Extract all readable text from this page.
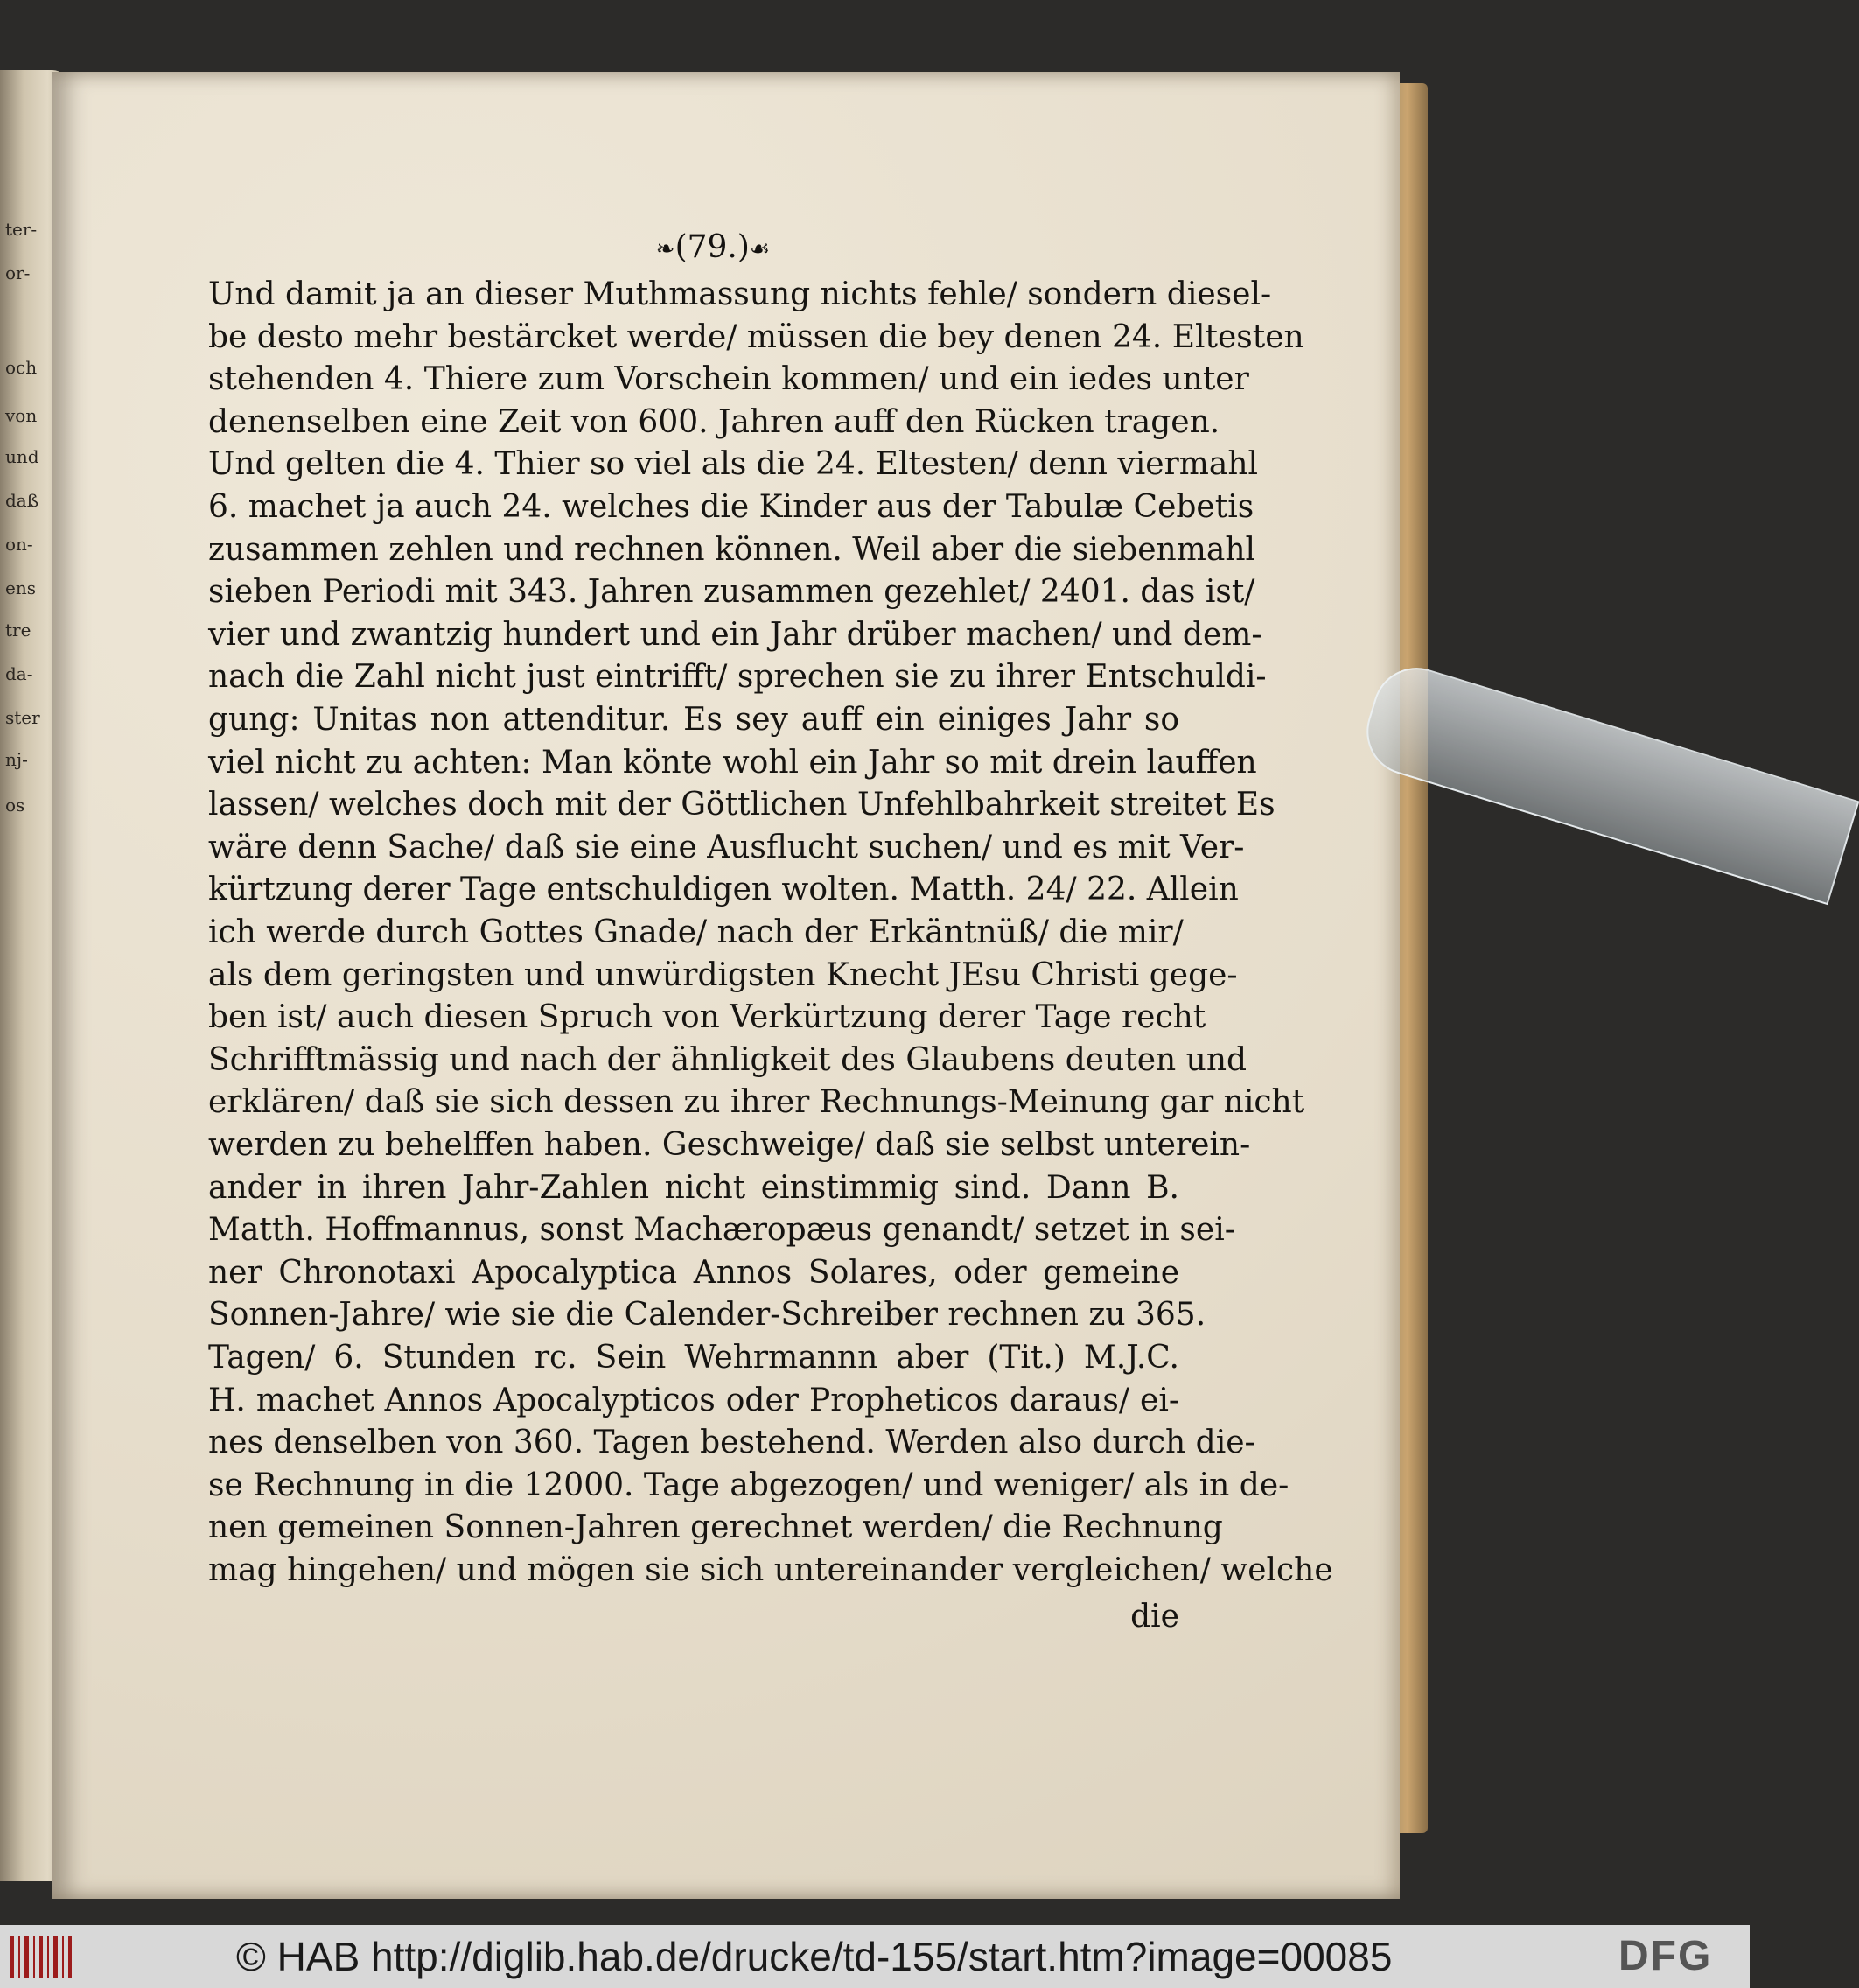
ter-
or-
och
von
und
daß
on-
ens
tre
da-
ster
nj-
os
❧(79.)☙
Und damit ja an dieser Muthmassung nichts fehle/ sondern diesel-
be desto mehr bestärcket werde/ müssen die bey denen 24. Eltesten
stehenden 4. Thiere zum Vorschein kommen/ und ein iedes unter
denenselben eine Zeit von 600. Jahren auff den Rücken tragen.
Und gelten die 4. Thier so viel als die 24. Eltesten/ denn viermahl
6. machet ja auch 24. welches die Kinder aus der Tabulæ Cebetis
zusammen zehlen und rechnen können. Weil aber die siebenmahl
sieben Periodi mit 343. Jahren zusammen gezehlet/ 2401. das ist/
vier und zwantzig hundert und ein Jahr drüber machen/ und dem-
nach die Zahl nicht just eintrifft/ sprechen sie zu ihrer Entschuldi-
gung: Unitas non attenditur. Es sey auff ein einiges Jahr so
viel nicht zu achten: Man könte wohl ein Jahr so mit drein lauffen
lassen/ welches doch mit der Göttlichen Unfehlbahrkeit streitet Es
wäre denn Sache/ daß sie eine Ausflucht suchen/ und es mit Ver-
kürtzung derer Tage entschuldigen wolten. Matth. 24/ 22. Allein
ich werde durch Gottes Gnade/ nach der Erkäntnüß/ die mir/
als dem geringsten und unwürdigsten Knecht JEsu Christi gege-
ben ist/ auch diesen Spruch von Verkürtzung derer Tage recht
Schrifftmässig und nach der ähnligkeit des Glaubens deuten und
erklären/ daß sie sich dessen zu ihrer Rechnungs-Meinung gar nicht
werden zu behelffen haben. Geschweige/ daß sie selbst unterein-
ander in ihren Jahr-Zahlen nicht einstimmig sind. Dann B.
Matth. Hoffmannus, sonst Machæropæus genandt/ setzet in sei-
ner Chronotaxi Apocalyptica Annos Solares, oder gemeine
Sonnen-Jahre/ wie sie die Calender-Schreiber rechnen zu 365.
Tagen/ 6. Stunden rc. Sein Wehrmannn aber (Tit.) M.J.C.
H. machet Annos Apocalypticos oder Propheticos daraus/ ei-
nes denselben von 360. Tagen bestehend. Werden also durch die-
se Rechnung in die 12000. Tage abgezogen/ und weniger/ als in de-
nen gemeinen Sonnen-Jahren gerechnet werden/ die Rechnung
mag hingehen/ und mögen sie sich untereinander vergleichen/ welche
die
© HAB http://diglib.hab.de/drucke/td-155/start.htm?image=00085	DFG
